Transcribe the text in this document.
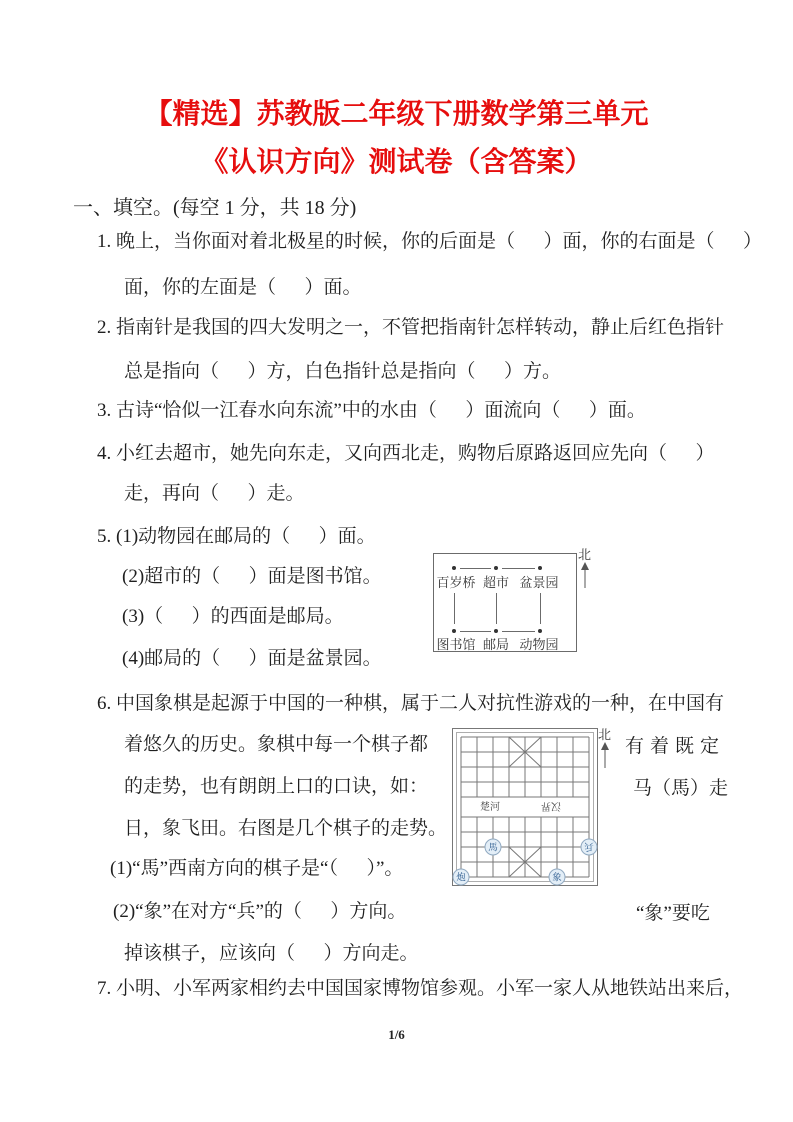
【精选】苏教版二年级下册数学第三单元
《认识方向》测试卷（含答案）
一、填空。(每空 1 分，共 18 分)
1. 晚上，当你面对着北极星的时候，你的后面是（      ）面，你的右面是（      ）
面，你的左面是（      ）面。
2. 指南针是我国的四大发明之一，不管把指南针怎样转动，静止后红色指针
总是指向（      ）方，白色指针总是指向（      ）方。
3. 古诗“恰似一江春水向东流”中的水由（      ）面流向（      ）面。
4. 小红去超市，她先向东走，又向西北走，购物后原路返回应先向（      ）
走，再向（      ）走。
5. (1)动物园在邮局的（      ）面。
(2)超市的（      ）面是图书馆。
(3)（      ）的西面是邮局。
(4)邮局的（      ）面是盆景园。
百岁桥 超市 盆景园
图书馆 邮局 动物园
北
6. 中国象棋是起源于中国的一种棋，属于二人对抗性游戏的一种，在中国有
着悠久的历史。象棋中每一个棋子都	有着既定
的走势，也有朗朗上口的口诀，如：	马（馬）走
日，象飞田。右图是几个棋子的走势。
(1)“馬”西南方向的棋子是“（      ）”。
(2)“象”在对方“兵”的（      ）方向。	“象”要吃
掉该棋子，应该向（      ）方向走。
楚河	汉界
馬	兵
炮	象
北
7. 小明、小军两家相约去中国国家博物馆参观。小军一家人从地铁站出来后，
1/6
